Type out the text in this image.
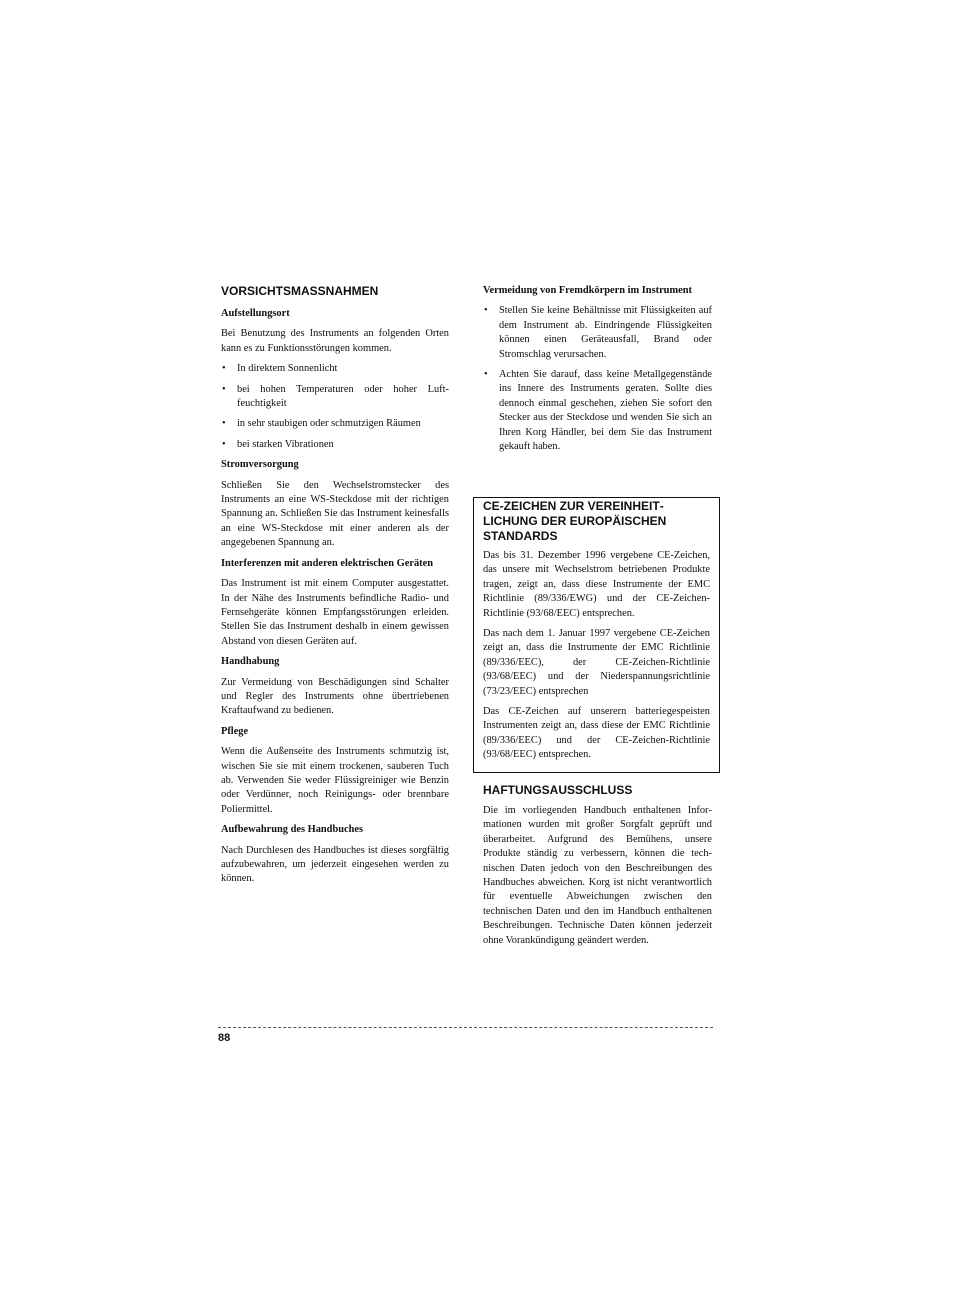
VORSICHTSMASSNAHMEN
Aufstellungsort

Bei Benutzung des Instruments an folgenden Orten kann es zu Funktionsstörungen kommen.

• In direktem Sonnenlicht
• bei hohen Temperaturen oder hoher Luftfeuchtigkeit
• in sehr staubigen oder schmutzigen Räumen
• bei starken Vibrationen
Stromversorgung

Schließen Sie den Wechselstromstecker des Instruments an eine WS-Steckdose mit der richtigen Spannung an. Schließen Sie das Instrument keinesfalls an eine WS-Steckdose mit einer anderen als der angegebenen Spannung an.

Interferenzen mit anderen elektrischen Geräten

Das Instrument ist mit einem Computer ausgestattet. In der Nähe des Instruments befindliche Radio- und Fernsehgeräte können Empfangsstörungen erleiden. Stellen Sie das Instrument deshalb in einem gewissen Abstand von diesen Geräten auf.

Handhabung

Zur Vermeidung von Beschädigungen sind Schalter und Regler des Instruments ohne übertriebenen Kraftaufwand zu bedienen.

Pflege

Wenn die Außenseite des Instruments schmutzig ist, wischen Sie sie mit einem trockenen, sauberen Tuch ab. Verwenden Sie weder Flüssigreiniger wie Benzin oder Verdünner, noch Reinigungs- oder brennbare Poliermittel.

Aufbewahrung des Handbuches

Nach Durchlesen des Handbuches ist dieses sorgfältig aufzubewahren, um jederzeit eingesehen werden zu können.

Vermeidung von Fremdkörpern im Instrument
• Stellen Sie keine Behältnisse mit Flüssigkeiten auf dem Instrument ab. Eindringende Flüssigkeiten können einen Geräteausfall, Brand oder Stromschlag verursachen.
• Achten Sie darauf, dass keine Metallgegenstände ins Innere des Instruments geraten. Sollte dies dennoch einmal geschehen, ziehen Sie sofort den Stecker aus der Steckdose und wenden Sie sich an Ihren Korg Händler, bei dem Sie das Instrument gekauft haben.
CE-ZEICHEN ZUR VEREINHEITLICHUNG DER EUROPÄISCHEN STANDARDS

Das bis 31. Dezember 1996 vergebene CE-Zeichen, das unsere mit Wechselstrom betriebenen Produkte tragen, zeigt an, dass diese Instrumente der EMC Richtlinie (89/336/EWG) und der CE-Zeichen-Richtlinie (93/68/EEC) entsprechen.

Das nach dem 1. Januar 1997 vergebene CE-Zeichen zeigt an, dass die Instrumente der EMC Richtlinie (89/336/EEC), der CE-Zeichen-Richtlinie (93/68/EEC) und der Niederspannungsrichtlinie (73/23/EEC) entsprechen

Das CE-Zeichen auf unserern batteriegespeisten Instrumenten zeigt an, dass diese der EMC Richtlinie (89/336/EEC) und der CE-Zeichen-Richtlinie (93/68/EEC) entsprechen.

HAFTUNGSAUSSCHLUSS

Die im vorliegenden Handbuch enthaltenen Informationen wurden mit großer Sorgfalt geprüft und überarbeitet. Aufgrund des Bemühens, unsere Produkte ständig zu verbessern, können die technischen Daten jedoch von den Beschreibungen des Handbuches abweichen. Korg ist nicht verantwortlich für eventuelle Abweichungen zwischen den technischen Daten und den im Handbuch enthaltenen Beschreibungen. Technische Daten können jederzeit ohne Vorankündigung geändert werden.

88
